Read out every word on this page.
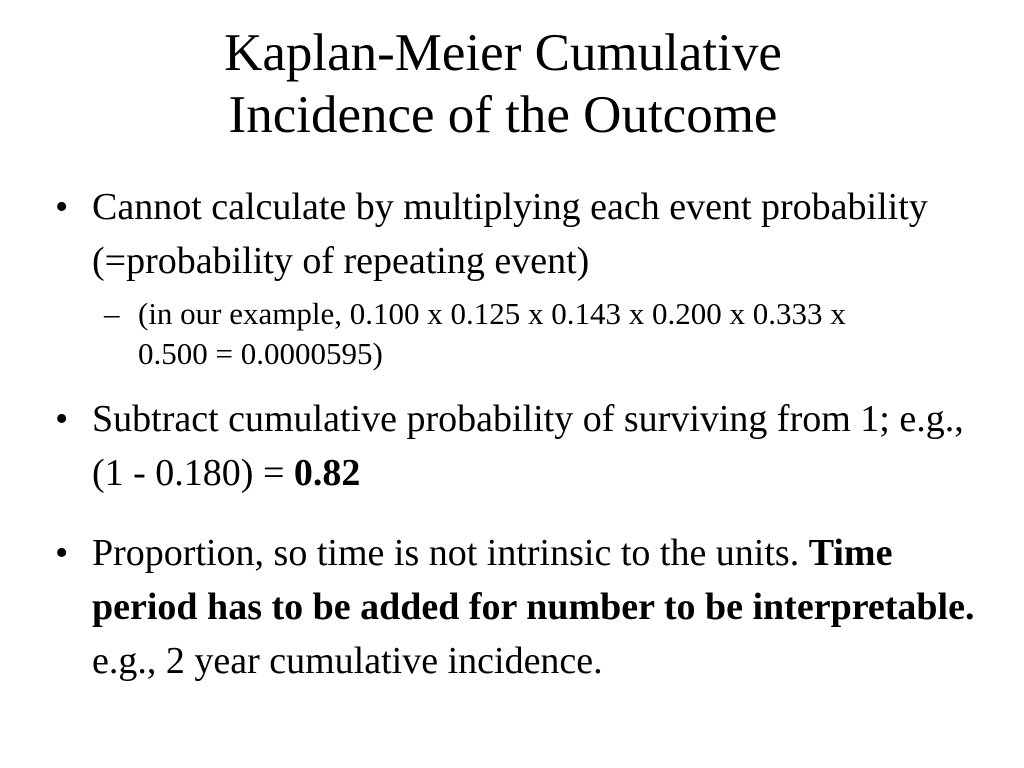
Kaplan-Meier Cumulative
Incidence of the Outcome
• Cannot calculate by multiplying each event probability (=probability of repeating event)
– (in our example, 0.100 x 0.125 x 0.143 x 0.200 x 0.333 x 0.500 = 0.0000595)
• Subtract cumulative probability of surviving from 1; e.g., (1 - 0.180) = 0.82
• Proportion, so time is not intrinsic to the units. Time period has to be added for number to be interpretable. e.g., 2 year cumulative incidence.
